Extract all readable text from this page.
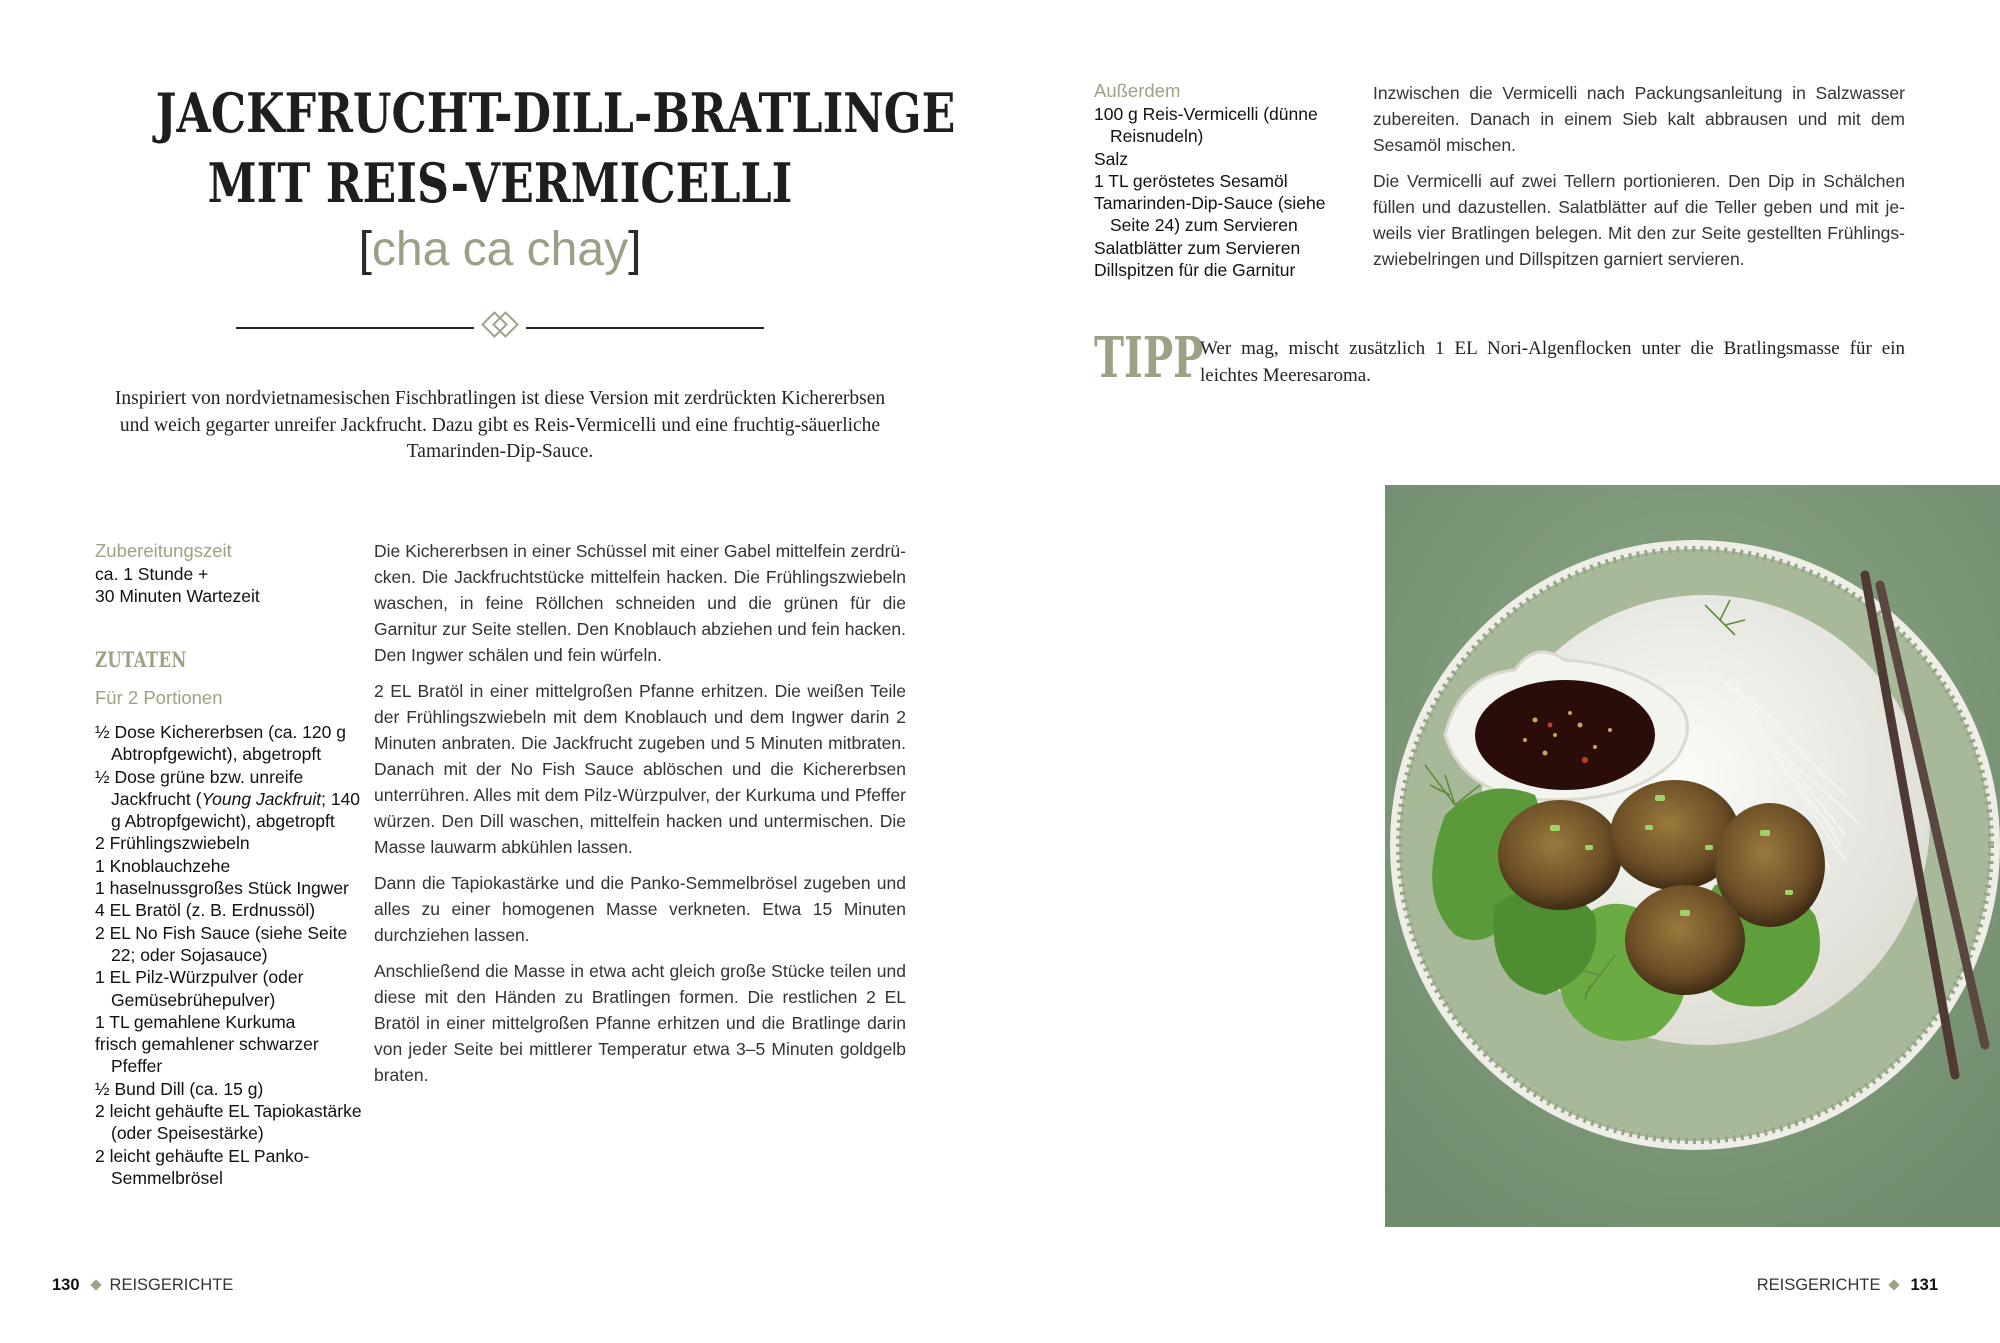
JACKFRUCHT-DILL-BRATLINGE
MIT REIS-VERMICELLI
[cha ca chay]
Inspiriert von nordvietnamesischen Fischbratlingen ist diese Version mit zerdrückten Kichererbsen und weich gegarter unreifer Jackfrucht. Dazu gibt es Reis-Vermicelli und eine fruchtig-säuerliche Tamarinden-Dip-Sauce.
Zubereitungszeit
ca. 1 Stunde +
30 Minuten Wartezeit
ZUTATEN
Für 2 Portionen
½ Dose Kichererbsen (ca. 120 g Abtropfgewicht), abgetropft
½ Dose grüne bzw. unreife Jackfrucht (Young Jackfruit; 140 g Abtropfgewicht), abgetropft
2 Frühlingszwiebeln
1 Knoblauchzehe
1 haselnussgroßes Stück Ingwer
4 EL Bratöl (z. B. Erdnussöl)
2 EL No Fish Sauce (siehe Seite 22; oder Sojasauce)
1 EL Pilz-Würzpulver (oder Gemüsebrühepulver)
1 TL gemahlene Kurkuma
frisch gemahlener schwarzer Pfeffer
½ Bund Dill (ca. 15 g)
2 leicht gehäufte EL Tapiokastärke (oder Speisestärke)
2 leicht gehäufte EL Panko-Semmelbrösel

Die Kichererbsen in einer Schüssel mit einer Gabel mittelfein zerdrücken. Die Jackfruchtstücke mittelfein hacken. Die Frühlingszwiebeln waschen, in feine Röllchen schneiden und die grünen für die Garnitur zur Seite stellen. Den Knoblauch abziehen und fein hacken. Den Ingwer schälen und fein würfeln.

2 EL Bratöl in einer mittelgroßen Pfanne erhitzen. Die weißen Teile der Frühlingszwiebeln mit dem Knoblauch und dem Ingwer darin 2 Minuten anbraten. Die Jackfrucht zugeben und 5 Minuten mitbraten. Danach mit der No Fish Sauce ablöschen und die Kichererbsen unterrühren. Alles mit dem Pilz-Würzpulver, der Kurkuma und Pfeffer würzen. Den Dill waschen, mittelfein hacken und untermischen. Die Masse lauwarm abkühlen lassen.

Dann die Tapiokastärke und die Panko-Semmelbrösel zugeben und alles zu einer homogenen Masse verkneten. Etwa 15 Minuten durchziehen lassen.

Anschließend die Masse in etwa acht gleich große Stücke teilen und diese mit den Händen zu Bratlingen formen. Die restlichen 2 EL Bratöl in einer mittelgroßen Pfanne erhitzen und die Bratlinge darin von jeder Seite bei mittlerer Temperatur etwa 3–5 Minuten goldgelb braten.

130 REISGERICHTE
Außerdem
100 g Reis-Vermicelli (dünne Reisnudeln)
Salz
1 TL geröstetes Sesamöl
Tamarinden-Dip-Sauce (siehe Seite 24) zum Servieren
Salatblätter zum Servieren
Dillspitzen für die Garnitur

Inzwischen die Vermicelli nach Packungsanleitung in Salzwasser zubereiten. Danach in einem Sieb kalt abbrausen und mit dem Sesamöl mischen.

Die Vermicelli auf zwei Tellern portionieren. Den Dip in Schälchen füllen und dazustellen. Salatblätter auf die Teller geben und mit jeweils vier Bratlingen belegen. Mit den zur Seite gestellten Frühlingszwiebelringen und Dillspitzen garniert servieren.

TIPP
Wer mag, mischt zusätzlich 1 EL Nori-Algenflocken unter die Bratlingsmasse für ein leichtes Meeresaroma.
REISGERICHTE 131
